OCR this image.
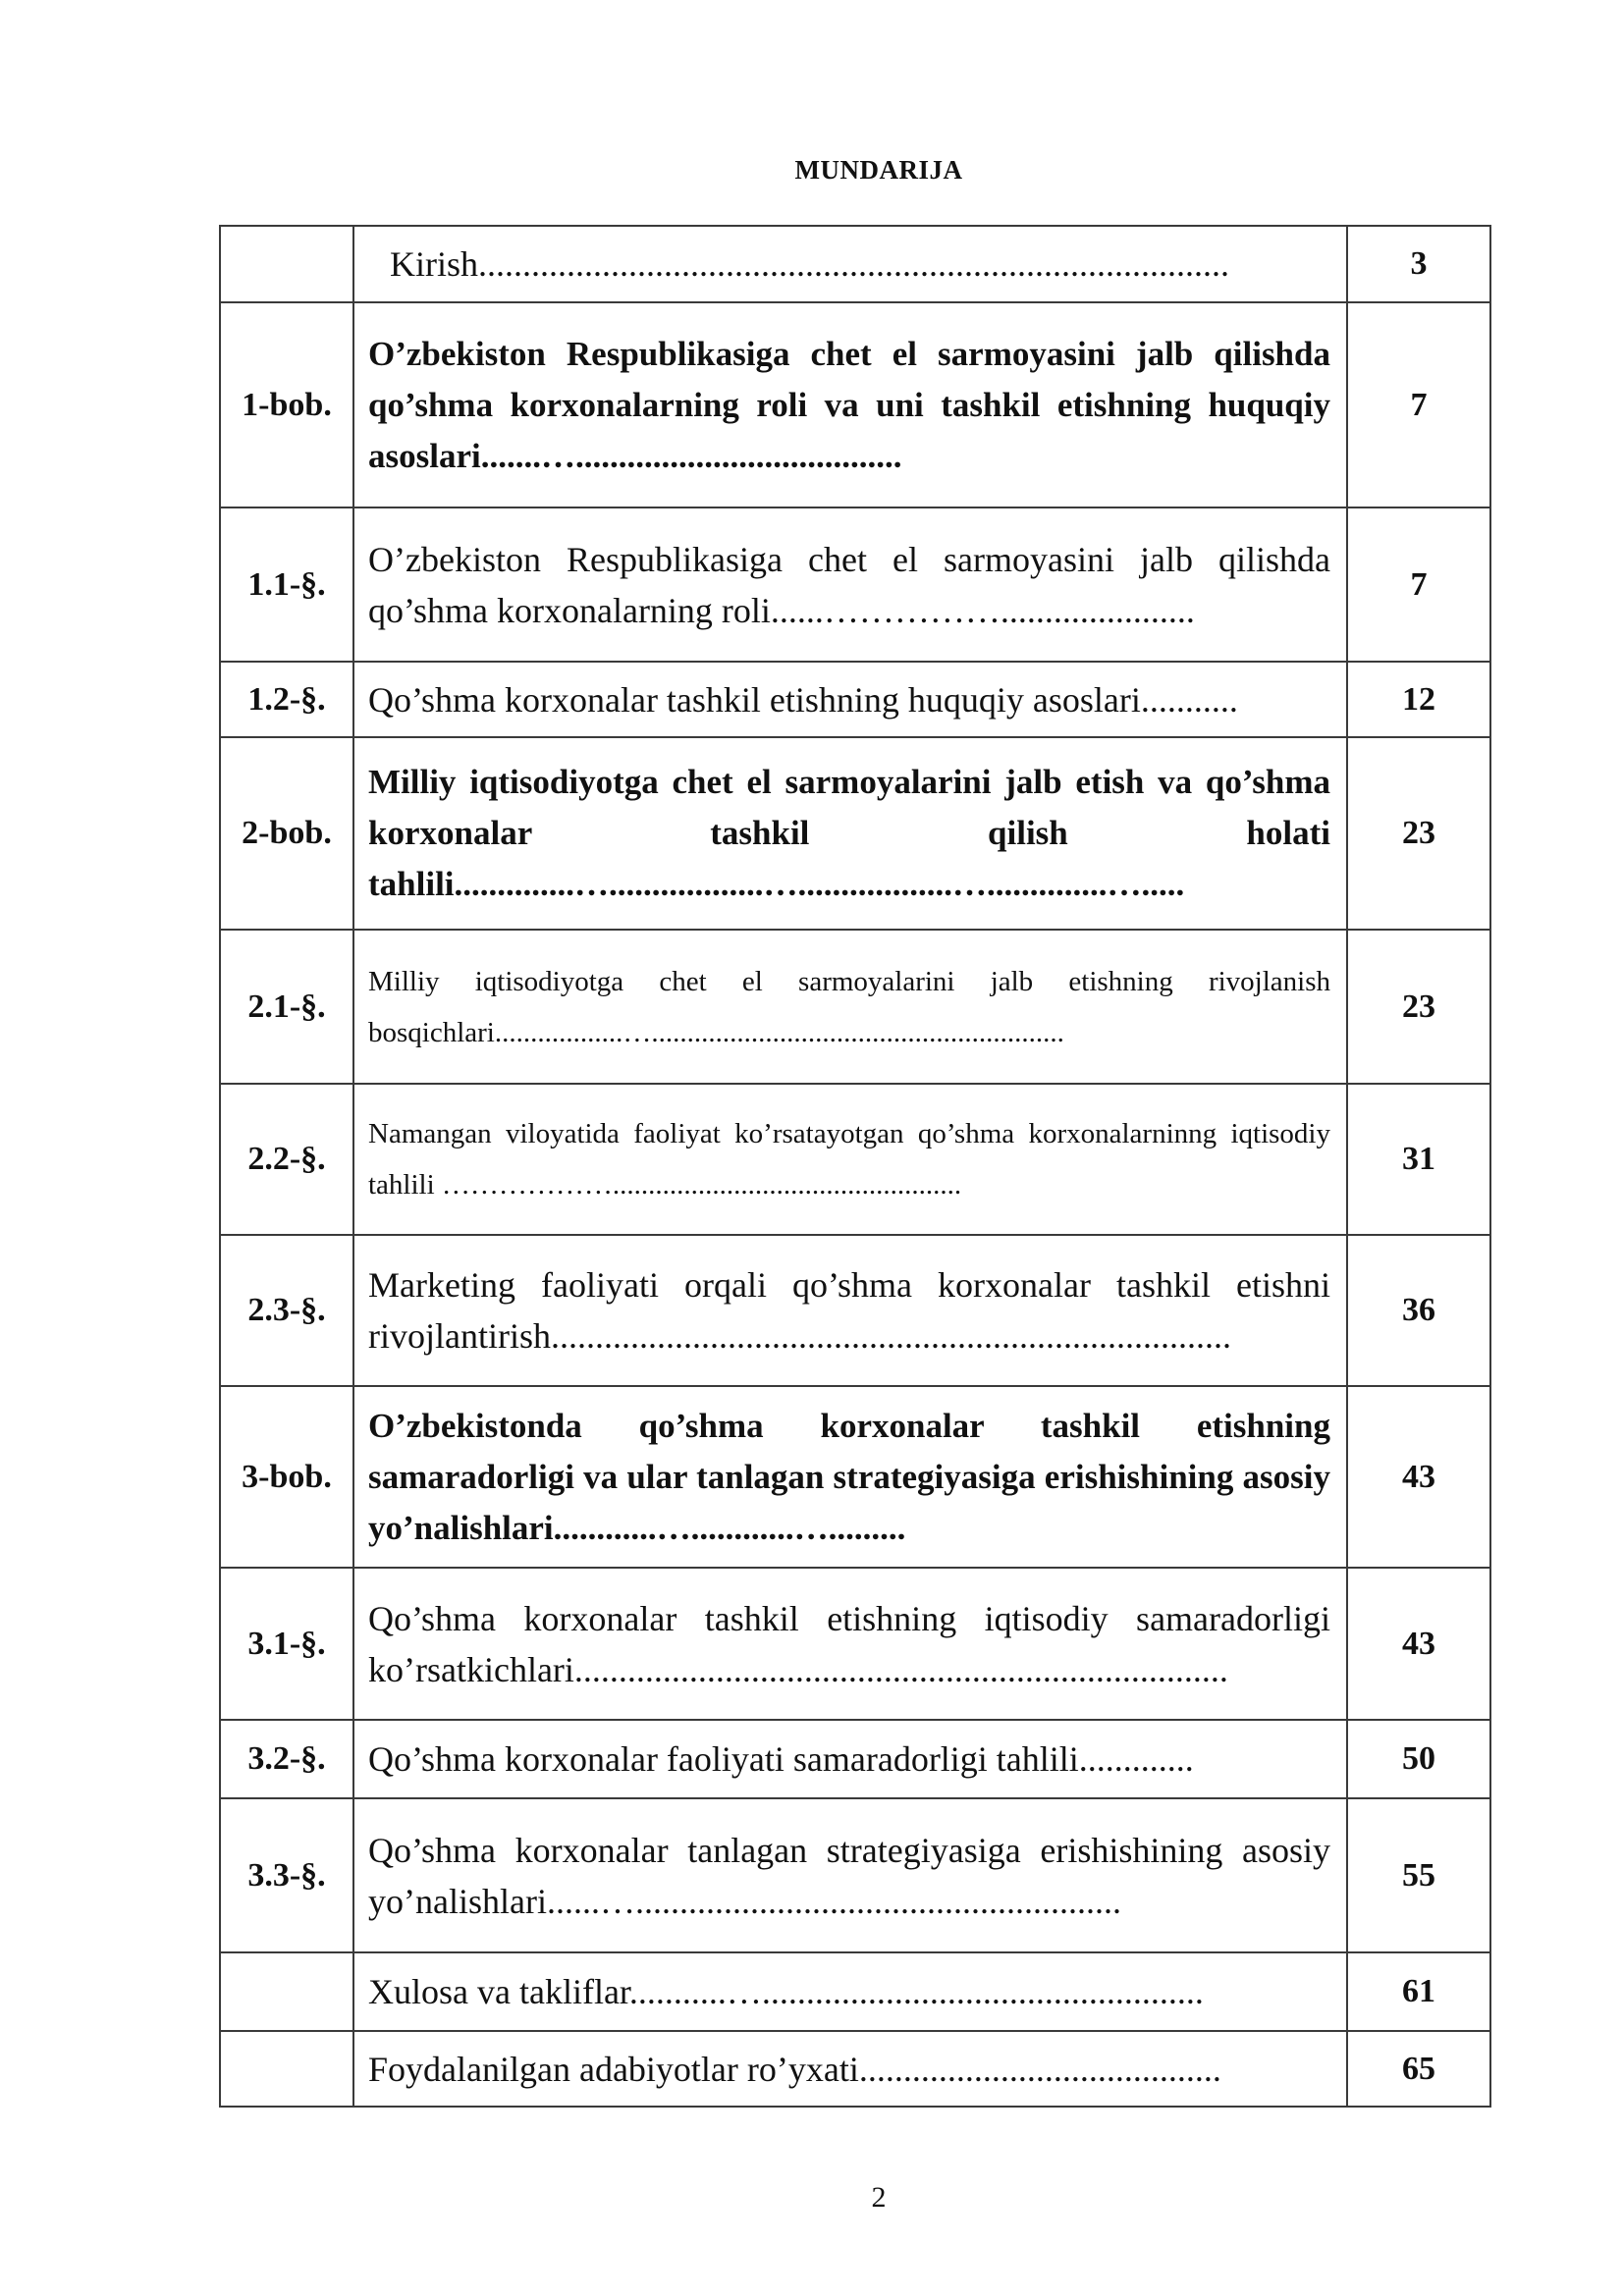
MUNDARIJA
	Kirish.....................................................................................	3
1-bob.	O’zbekiston Respublikasiga chet el sarmoyasini jalb qilishda qo’shma korxonalarning roli va uni tashkil etishning huquqiy asoslari.......…......................................	7
1.1-§.	O’zbekiston Respublikasiga chet el sarmoyasini jalb qilishda qo’shma korxonalarning roli......……………......................	7
1.2-§.	Qo’shma korxonalar tashkil etishning huquqiy asoslari...........	12
2-bob.	Milliy iqtisodiyotga chet el sarmoyalarini jalb etish va qo’shma korxonalar tashkil qilish holati tahlili..............…..................…..................…..............….....	23
2.1-§.	Milliy iqtisodiyotga chet el sarmoyalarini jalb etishning rivojlanish bosqichlari..................…..........................................................	23
2.2-§.	Namangan viloyatida faoliyat ko’rsatayotgan qo’shma korxonalarninng iqtisodiy tahlili ……………….................................................	31
2.3-§.	Marketing faoliyati orqali qo’shma korxonalar tashkil etishni rivojlantirish.............................................................................	36
3-bob.	O’zbekistonda qo’shma korxonalar tashkil etishning samaradorligi va ular tanlagan strategiyasiga erishishining asosiy yo’nalishlari............…............….........	43
3.1-§.	Qo’shma korxonalar tashkil etishning iqtisodiy samaradorligi ko’rsatkichlari..........................................................................	43
3.2-§.	Qo’shma korxonalar faoliyati samaradorligi tahlili.............	50
3.3-§.	Qo’shma korxonalar tanlagan strategiyasiga erishishining asosiy yo’nalishlari......….......................................................	55
	Xulosa va takliflar...........…..................................................	61
	Foydalanilgan adabiyotlar ro’yxati.........................................	65
2
